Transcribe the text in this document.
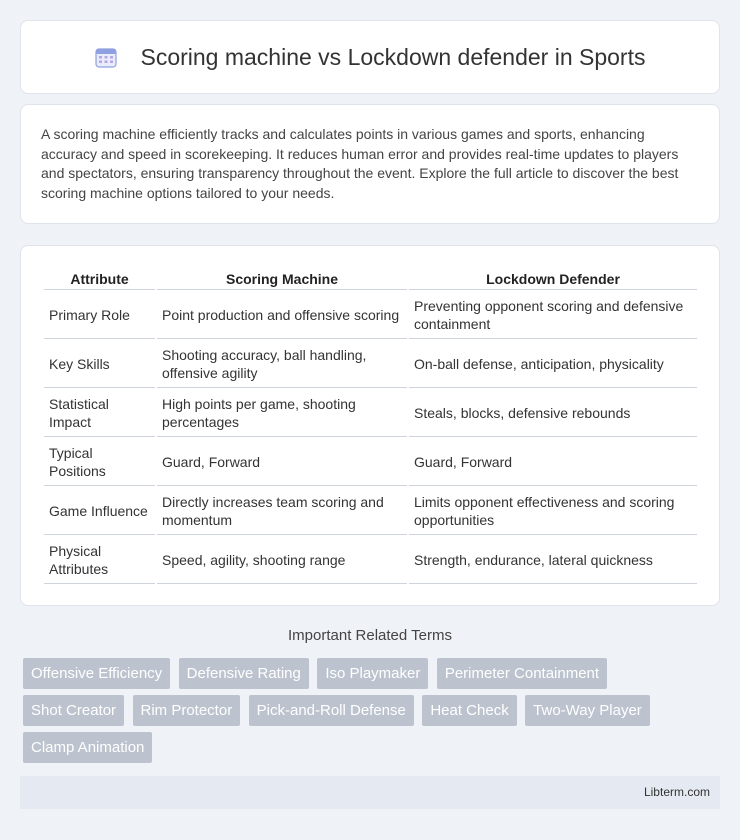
Scoring machine vs Lockdown defender in Sports

A scoring machine efficiently tracks and calculates points in various games and sports, enhancing accuracy and speed in scorekeeping. It reduces human error and provides real-time updates to players and spectators, ensuring transparency throughout the event. Explore the full article to discover the best scoring machine options tailored to your needs.

Attribute	Scoring Machine	Lockdown Defender
Primary Role	Point production and offensive scoring	Preventing opponent scoring and defensive containment
Key Skills	Shooting accuracy, ball handling, offensive agility	On-ball defense, anticipation, physicality
Statistical Impact	High points per game, shooting percentages	Steals, blocks, defensive rebounds
Typical Positions	Guard, Forward	Guard, Forward
Game Influence	Directly increases team scoring and momentum	Limits opponent effectiveness and scoring opportunities
Physical Attributes	Speed, agility, shooting range	Strength, endurance, lateral quickness
Important Related Terms
Offensive Efficiency Defensive Rating Iso Playmaker Perimeter Containment Shot Creator Rim Protector Pick-and-Roll Defense Heat Check Two-Way Player Clamp Animation
Libterm.com
